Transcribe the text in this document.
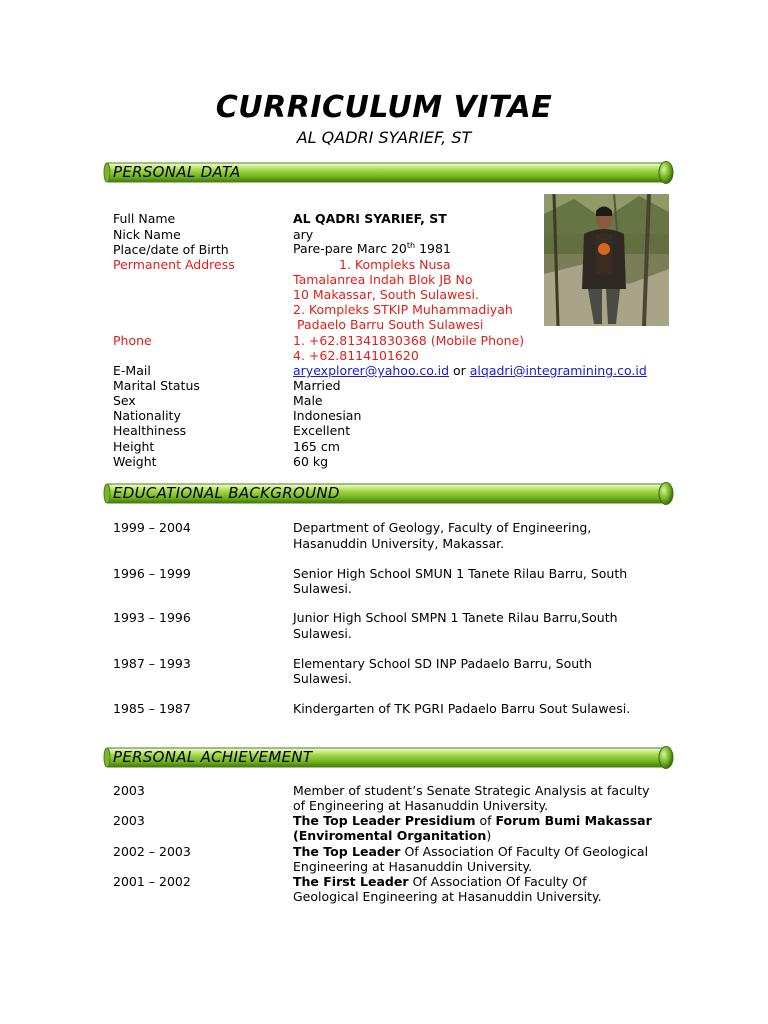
CURRICULUM VITAE
AL QADRI SYARIEF, ST
PERSONAL DATA
Full Name	AL QADRI SYARIEF, ST
Nick Name	ary
Place/date of Birth	Pare-pare Marc 20th 1981
Permanent Address	1. Kompleks Nusa
Tamalanrea Indah Blok JB No
10 Makassar, South Sulawesi.
2. Kompleks STKIP Muhammadiyah
Padaelo Barru South Sulawesi
Phone	1. +62.81341830368 (Mobile Phone)
4. +62.8114101620
E-Mail	aryexplorer@yahoo.co.id or alqadri@integramining.co.id
Marital Status	Married
Sex	Male
Nationality	Indonesian
Healthiness	Excellent
Height	165 cm
Weight	60 kg
EDUCATIONAL BACKGROUND
1999 – 2004	Department of Geology, Faculty of Engineering,
Hasanuddin University, Makassar.
1996 – 1999	Senior High School SMUN 1 Tanete Rilau Barru, South
Sulawesi.
1993 – 1996	Junior High School SMPN 1 Tanete Rilau Barru,South
Sulawesi.
1987 – 1993	Elementary School SD INP Padaelo Barru, South
Sulawesi.
1985 – 1987	Kindergarten of TK PGRI Padaelo Barru Sout Sulawesi.
PERSONAL ACHIEVEMENT
2003	Member of student’s Senate Strategic Analysis at faculty
of Engineering at Hasanuddin University.
2003	The Top Leader Presidium of Forum Bumi Makassar
(Enviromental Organitation)
2002 – 2003	The Top Leader Of Association Of Faculty Of Geological
Engineering at Hasanuddin University.
2001 – 2002	The First Leader Of Association Of Faculty Of
Geological Engineering at Hasanuddin University.
